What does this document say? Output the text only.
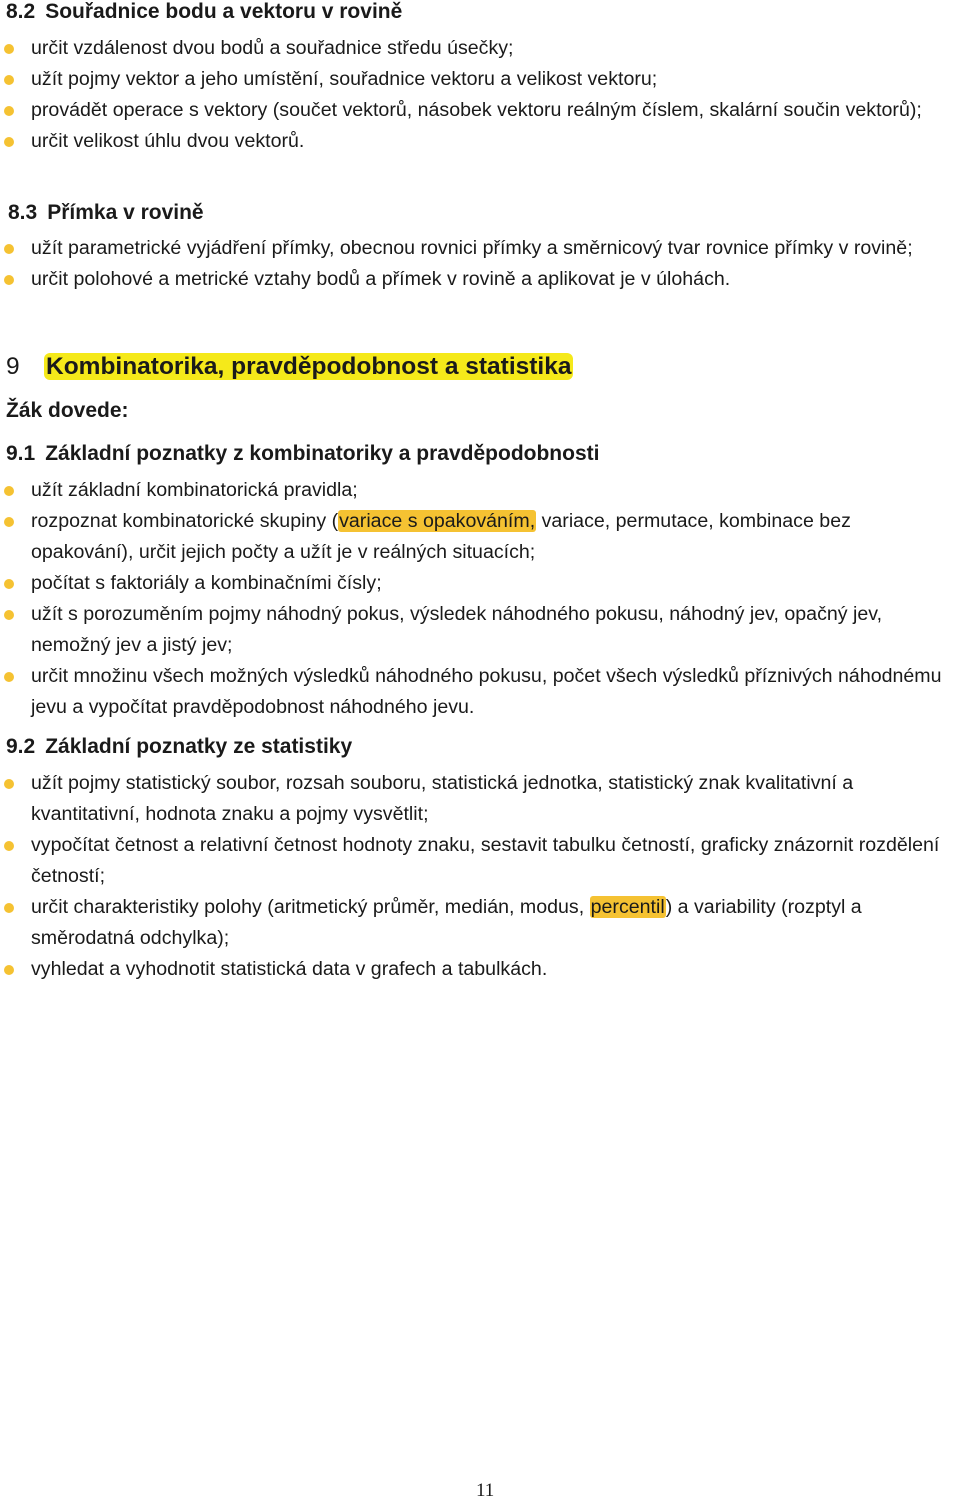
8.2 Souřadnice bodu a vektoru v rovině
určit vzdálenost dvou bodů a souřadnice středu úsečky;
užít pojmy vektor a jeho umístění, souřadnice vektoru a velikost vektoru;
provádět operace s vektory (součet vektorů, násobek vektoru reálným číslem, skalární součin vektorů);
určit velikost úhlu dvou vektorů.
8.3 Přímka v rovině
užít parametrické vyjádření přímky, obecnou rovnici přímky a směrnicový tvar rovnice přímky v rovině;
určit polohové a metrické vztahy bodů a přímek v rovině a aplikovat je v úlohách.
9 Kombinatorika, pravděpodobnost a statistika
Žák dovede:
9.1 Základní poznatky z kombinatoriky a pravděpodobnosti
užít základní kombinatorická pravidla;
rozpoznat kombinatorické skupiny (variace s opakováním, variace, permutace, kombinace bez opakování), určit jejich počty a užít je v reálných situacích;
počítat s faktoriály a kombinačními čísly;
užít s porozuměním pojmy náhodný pokus, výsledek náhodného pokusu, náhodný jev, opačný jev, nemožný jev a jistý jev;
určit množinu všech možných výsledků náhodného pokusu, počet všech výsledků příznivých náhodnému jevu a vypočítat pravděpodobnost náhodného jevu.
9.2 Základní poznatky ze statistiky
užít pojmy statistický soubor, rozsah souboru, statistická jednotka, statistický znak kvalitativní a kvantitativní, hodnota znaku a pojmy vysvětlit;
vypočítat četnost a relativní četnost hodnoty znaku, sestavit tabulku četností, graficky znázornit rozdělení četností;
určit charakteristiky polohy (aritmetický průměr, medián, modus, percentil) a variability (rozptyl a směrodatná odchylka);
vyhledat a vyhodnotit statistická data v grafech a tabulkách.
11
